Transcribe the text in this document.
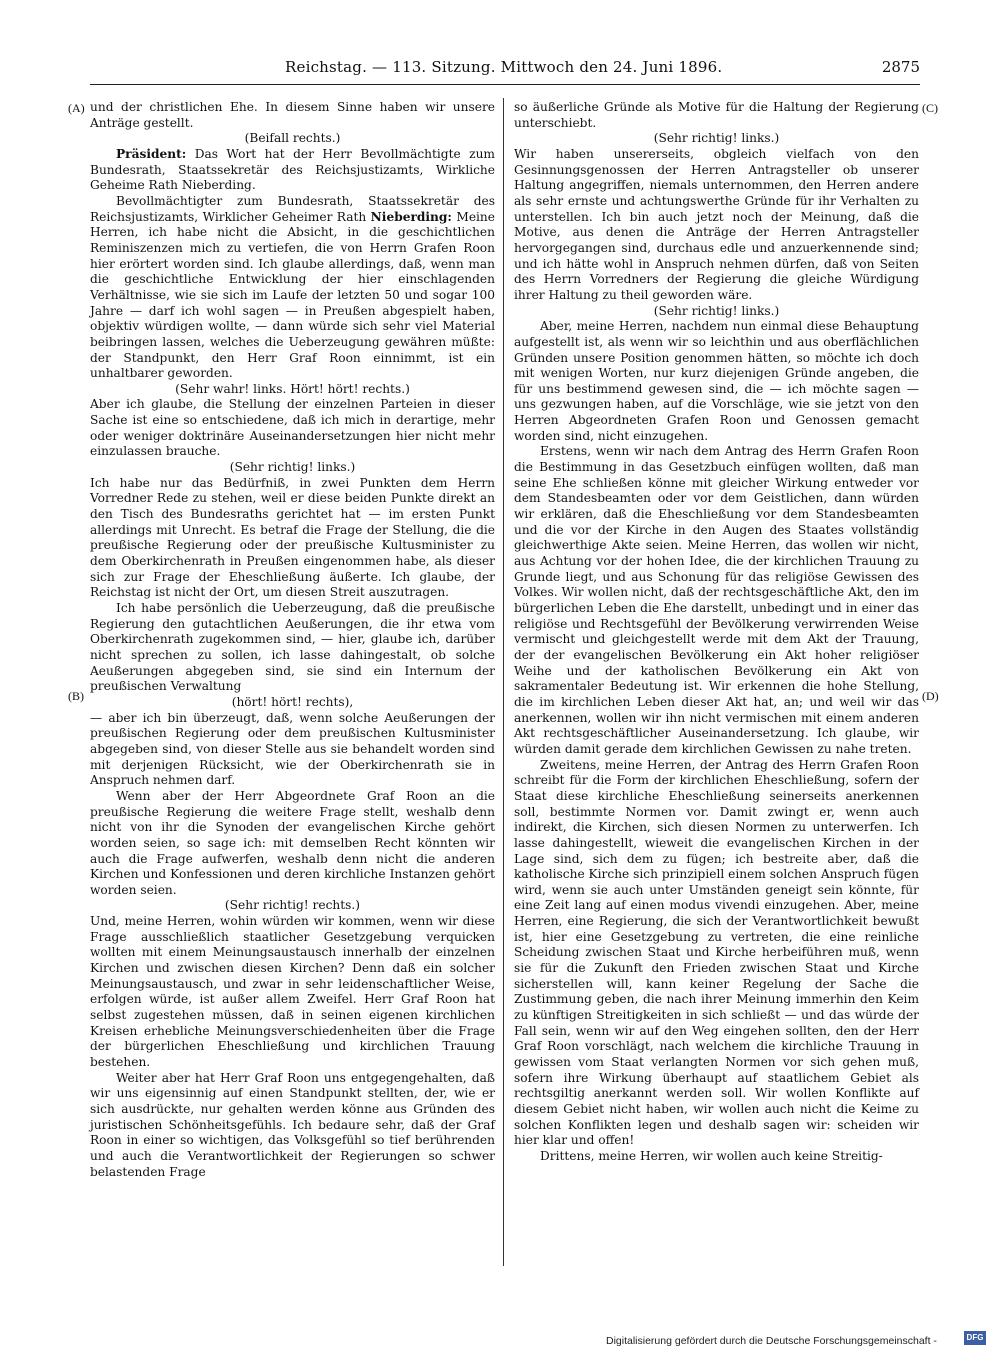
Reichstag. — 113. Sitzung. Mittwoch den 24. Juni 1896.	2875
(A)
(B)
(C)
(D)

und der christlichen Ehe. In diesem Sinne haben wir unsere Anträge gestellt.

(Beifall rechts.)

Präsident: Das Wort hat der Herr Bevollmächtigte zum Bundesrath, Staatssekretär des Reichsjustizamts, Wirkliche Geheime Rath Nieberding.

Bevollmächtigter zum Bundesrath, Staatssekretär des Reichsjustizamts, Wirklicher Geheimer Rath Nieberding: Meine Herren, ich habe nicht die Absicht, in die geschichtlichen Reminiszenzen mich zu vertiefen, die von Herrn Grafen Roon hier erörtert worden sind. Ich glaube allerdings, daß, wenn man die geschichtliche Entwicklung der hier einschlagenden Verhältnisse, wie sie sich im Laufe der letzten 50 und sogar 100 Jahre — darf ich wohl sagen — in Preußen abgespielt haben, objektiv würdigen wollte, — dann würde sich sehr viel Material beibringen lassen, welches die Ueberzeugung gewähren müßte: der Standpunkt, den Herr Graf Roon einnimmt, ist ein unhaltbarer geworden.

(Sehr wahr! links. Hört! hört! rechts.)

Aber ich glaube, die Stellung der einzelnen Parteien in dieser Sache ist eine so entschiedene, daß ich mich in derartige, mehr oder weniger doktrinäre Auseinandersetzungen hier nicht mehr einzulassen brauche.

(Sehr richtig! links.)

Ich habe nur das Bedürfniß, in zwei Punkten dem Herrn Vorredner Rede zu stehen, weil er diese beiden Punkte direkt an den Tisch des Bundesraths gerichtet hat — im ersten Punkt allerdings mit Unrecht. Es betraf die Frage der Stellung, die die preußische Regierung oder der preußische Kultusminister zu dem Oberkirchenrath in Preußen eingenommen habe, als dieser sich zur Frage der Eheschließung äußerte. Ich glaube, der Reichstag ist nicht der Ort, um diesen Streit auszutragen.

Ich habe persönlich die Ueberzeugung, daß die preußische Regierung den gutachtlichen Aeußerungen, die ihr etwa vom Oberkirchenrath zugekommen sind, — hier, glaube ich, darüber nicht sprechen zu sollen, ich lasse dahingestalt, ob solche Aeußerungen abgegeben sind, sie sind ein Internum der preußischen Verwaltung

(hört! hört! rechts),

— aber ich bin überzeugt, daß, wenn solche Aeußerungen der preußischen Regierung oder dem preußischen Kultusminister abgegeben sind, von dieser Stelle aus sie behandelt worden sind mit derjenigen Rücksicht, wie der Oberkirchenrath sie in Anspruch nehmen darf.

Wenn aber der Herr Abgeordnete Graf Roon an die preußische Regierung die weitere Frage stellt, weshalb denn nicht von ihr die Synoden der evangelischen Kirche gehört worden seien, so sage ich: mit demselben Recht könnten wir auch die Frage aufwerfen, weshalb denn nicht die anderen Kirchen und Konfessionen und deren kirchliche Instanzen gehört worden seien.

(Sehr richtig! rechts.)

Und, meine Herren, wohin würden wir kommen, wenn wir diese Frage ausschließlich staatlicher Gesetzgebung verquicken wollten mit einem Meinungsaustausch innerhalb der einzelnen Kirchen und zwischen diesen Kirchen? Denn daß ein solcher Meinungsaustausch, und zwar in sehr leidenschaftlicher Weise, erfolgen würde, ist außer allem Zweifel. Herr Graf Roon hat selbst zugestehen müssen, daß in seinen eigenen kirchlichen Kreisen erhebliche Meinungsverschiedenheiten über die Frage der bürgerlichen Eheschließung und kirchlichen Trauung bestehen.

Weiter aber hat Herr Graf Roon uns entgegengehalten, daß wir uns eigensinnig auf einen Standpunkt stellten, der, wie er sich ausdrückte, nur gehalten werden könne aus Gründen des juristischen Schönheitsgefühls. Ich bedaure sehr, daß der Graf Roon in einer so wichtigen, das Volksgefühl so tief berührenden und auch die Verantwortlichkeit der Regierungen so schwer belastenden Frage

so äußerliche Gründe als Motive für die Haltung der Regierung unterschiebt.

(Sehr richtig! links.)

Wir haben unsererseits, obgleich vielfach von den Gesinnungsgenossen der Herren Antragsteller ob unserer Haltung angegriffen, niemals unternommen, den Herren andere als sehr ernste und achtungswerthe Gründe für ihr Verhalten zu unterstellen. Ich bin auch jetzt noch der Meinung, daß die Motive, aus denen die Anträge der Herren Antragsteller hervorgegangen sind, durchaus edle und anzuerkennende sind; und ich hätte wohl in Anspruch nehmen dürfen, daß von Seiten des Herrn Vorredners der Regierung die gleiche Würdigung ihrer Haltung zu theil geworden wäre.

(Sehr richtig! links.)

Aber, meine Herren, nachdem nun einmal diese Behauptung aufgestellt ist, als wenn wir so leichthin und aus oberflächlichen Gründen unsere Position genommen hätten, so möchte ich doch mit wenigen Worten, nur kurz diejenigen Gründe angeben, die für uns bestimmend gewesen sind, die — ich möchte sagen — uns gezwungen haben, auf die Vorschläge, wie sie jetzt von den Herren Abgeordneten Grafen Roon und Genossen gemacht worden sind, nicht einzugehen.

Erstens, wenn wir nach dem Antrag des Herrn Grafen Roon die Bestimmung in das Gesetzbuch einfügen wollten, daß man seine Ehe schließen könne mit gleicher Wirkung entweder vor dem Standesbeamten oder vor dem Geistlichen, dann würden wir erklären, daß die Eheschließung vor dem Standesbeamten und die vor der Kirche in den Augen des Staates vollständig gleichwerthige Akte seien. Meine Herren, das wollen wir nicht, aus Achtung vor der hohen Idee, die der kirchlichen Trauung zu Grunde liegt, und aus Schonung für das religiöse Gewissen des Volkes. Wir wollen nicht, daß der rechtsgeschäftliche Akt, den im bürgerlichen Leben die Ehe darstellt, unbedingt und in einer das religiöse und Rechtsgefühl der Bevölkerung verwirrenden Weise vermischt und gleichgestellt werde mit dem Akt der Trauung, der der evangelischen Bevölkerung ein Akt hoher religiöser Weihe und der katholischen Bevölkerung ein Akt von sakramentaler Bedeutung ist. Wir erkennen die hohe Stellung, die im kirchlichen Leben dieser Akt hat, an; und weil wir das anerkennen, wollen wir ihn nicht vermischen mit einem anderen Akt rechtsgeschäftlicher Auseinandersetzung. Ich glaube, wir würden damit gerade dem kirchlichen Gewissen zu nahe treten.

Zweitens, meine Herren, der Antrag des Herrn Grafen Roon schreibt für die Form der kirchlichen Eheschließung, sofern der Staat diese kirchliche Eheschließung seinerseits anerkennen soll, bestimmte Normen vor. Damit zwingt er, wenn auch indirekt, die Kirchen, sich diesen Normen zu unterwerfen. Ich lasse dahingestellt, wieweit die evangelischen Kirchen in der Lage sind, sich dem zu fügen; ich bestreite aber, daß die katholische Kirche sich prinzipiell einem solchen Anspruch fügen wird, wenn sie auch unter Umständen geneigt sein könnte, für eine Zeit lang auf einen modus vivendi einzugehen. Aber, meine Herren, eine Regierung, die sich der Verantwortlichkeit bewußt ist, hier eine Gesetzgebung zu vertreten, die eine reinliche Scheidung zwischen Staat und Kirche herbeiführen muß, wenn sie für die Zukunft den Frieden zwischen Staat und Kirche sicherstellen will, kann keiner Regelung der Sache die Zustimmung geben, die nach ihrer Meinung immerhin den Keim zu künftigen Streitigkeiten in sich schließt — und das würde der Fall sein, wenn wir auf den Weg eingehen sollten, den der Herr Graf Roon vorschlägt, nach welchem die kirchliche Trauung in gewissen vom Staat verlangten Normen vor sich gehen muß, sofern ihre Wirkung überhaupt auf staatlichem Gebiet als rechtsgiltig anerkannt werden soll. Wir wollen Konflikte auf diesem Gebiet nicht haben, wir wollen auch nicht die Keime zu solchen Konflikten legen und deshalb sagen wir: scheiden wir hier klar und offen!

Drittens, meine Herren, wir wollen auch keine Streitig-

Digitalisierung gefördert durch die Deutsche Forschungsgemeinschaft -	DFG
